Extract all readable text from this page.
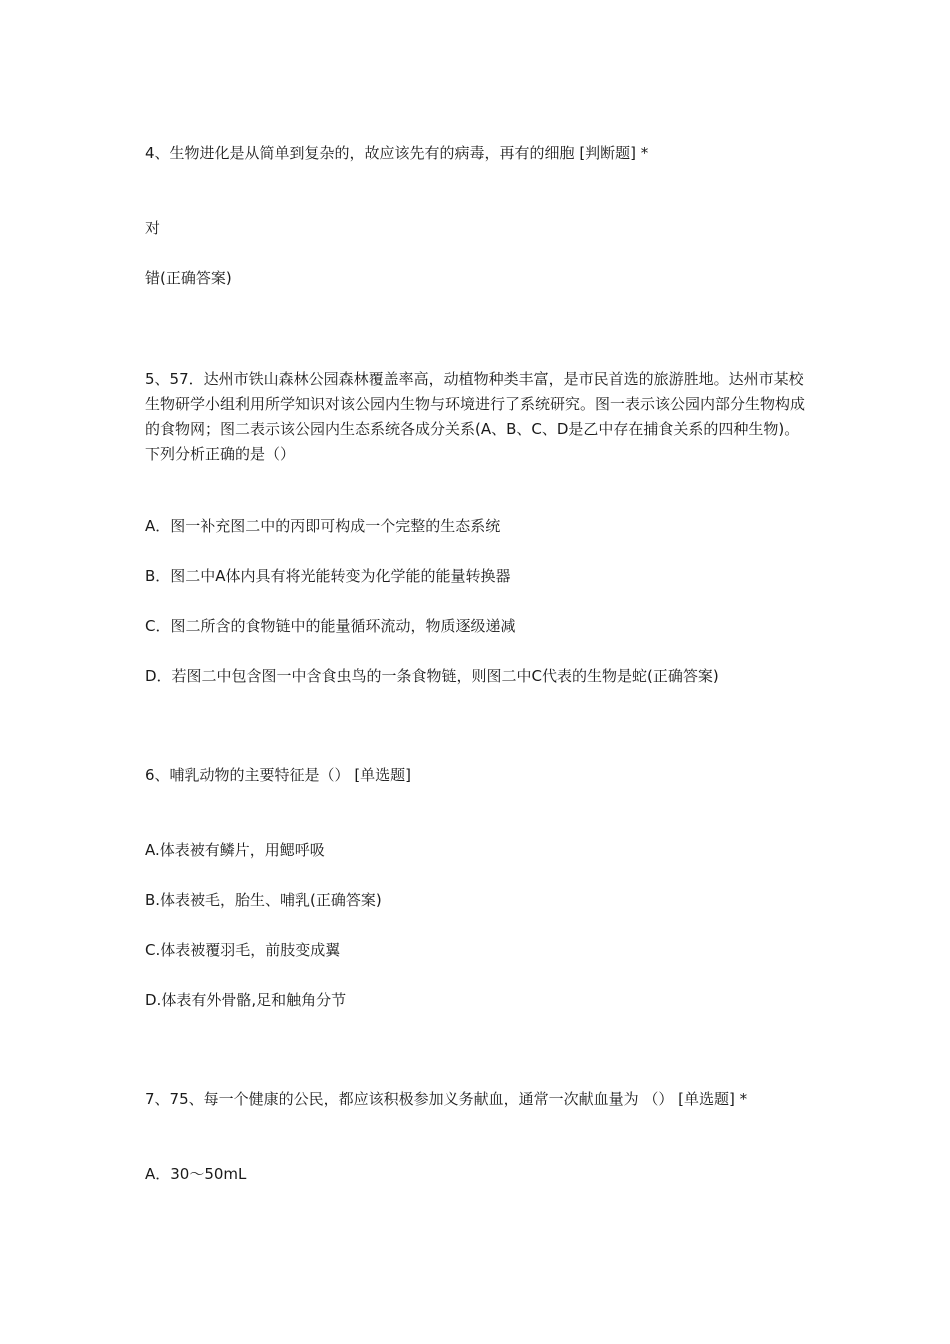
4、生物进化是从简单到复杂的，故应该先有的病毒，再有的细胞 [判断题] *
对
错(正确答案)
5、57．达州市铁山森林公园森林覆盖率高，动植物种类丰富，是市民首选的旅游胜地。达州市某校生物研学小组利用所学知识对该公园内生物与环境进行了系统研究。图一表示该公园内部分生物构成的食物网；图二表示该公园内生态系统各成分关系(A、B、C、D是乙中存在捕食关系的四种生物)。下列分析正确的是（）
A．图一补充图二中的丙即可构成一个完整的生态系统
B．图二中A体内具有将光能转变为化学能的能量转换器
C．图二所含的食物链中的能量循环流动，物质逐级递减
D．若图二中包含图一中含食虫鸟的一条食物链，则图二中C代表的生物是蛇(正确答案)
6、哺乳动物的主要特征是（） [单选题]
A.体表被有鳞片，用鳃呼吸
B.体表被毛，胎生、哺乳(正确答案)
C.体表被覆羽毛，前肢变成翼
D.体表有外骨骼,足和触角分节
7、75、每一个健康的公民，都应该积极参加义务献血，通常一次献血量为 （） [单选题] *
A．30～50mL
